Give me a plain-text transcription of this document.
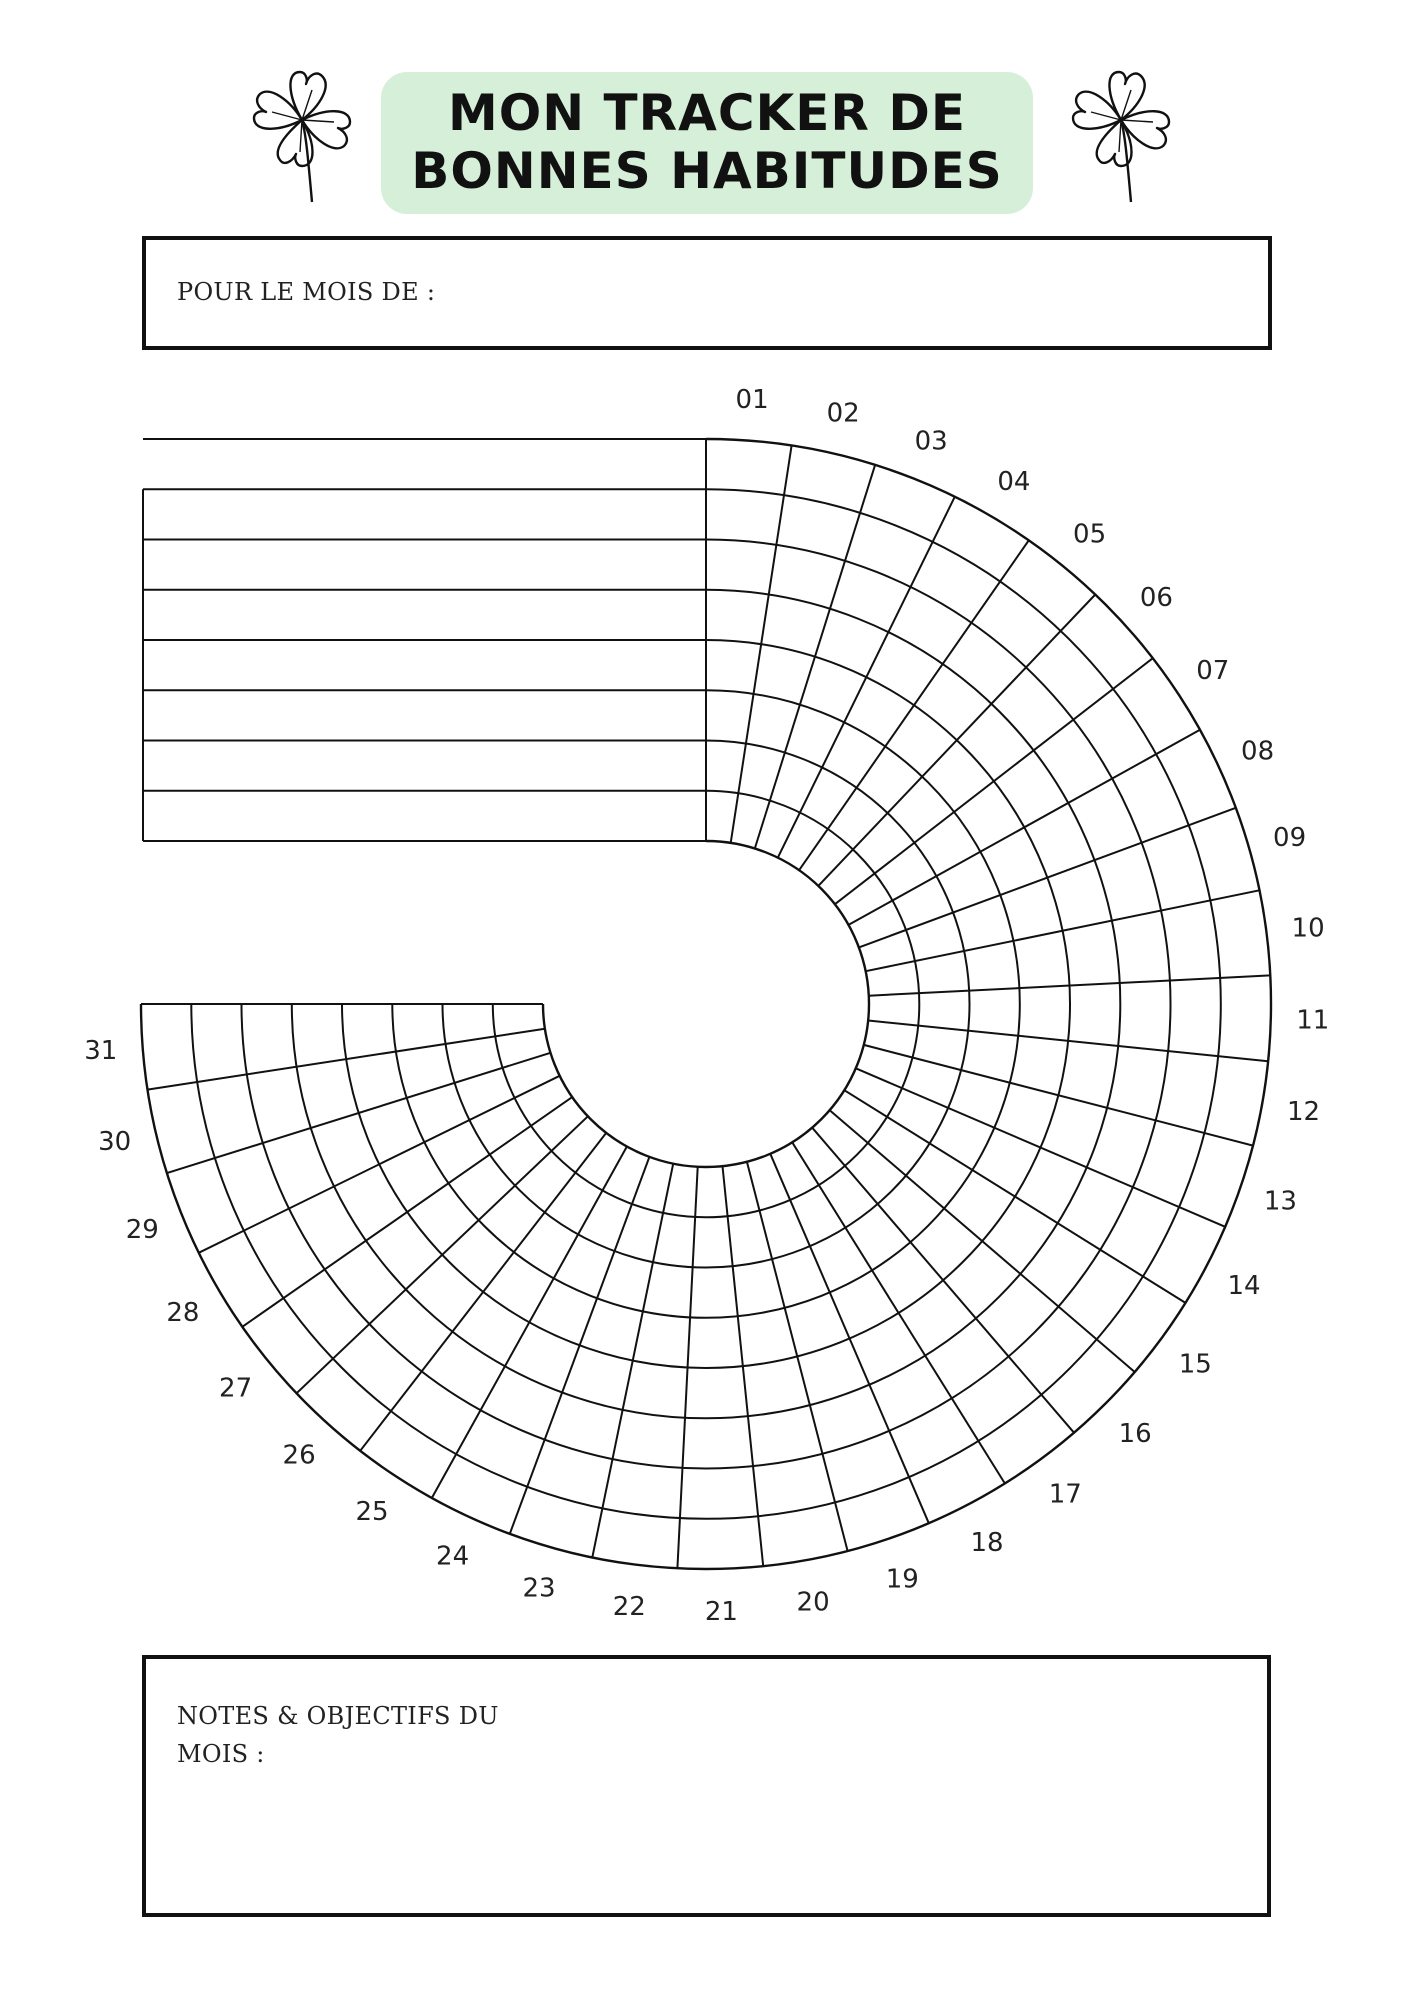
MON TRACKER DE
BONNES HABITUDES
POUR LE MOIS DE :
01 02
03
04
05
06
07
08
09
10
11
12
13
14
15
16
17
18
19
20
21
22
23
24
25
26
27
28
29
30
31
NOTES & OBJECTIFS DU MOIS :
